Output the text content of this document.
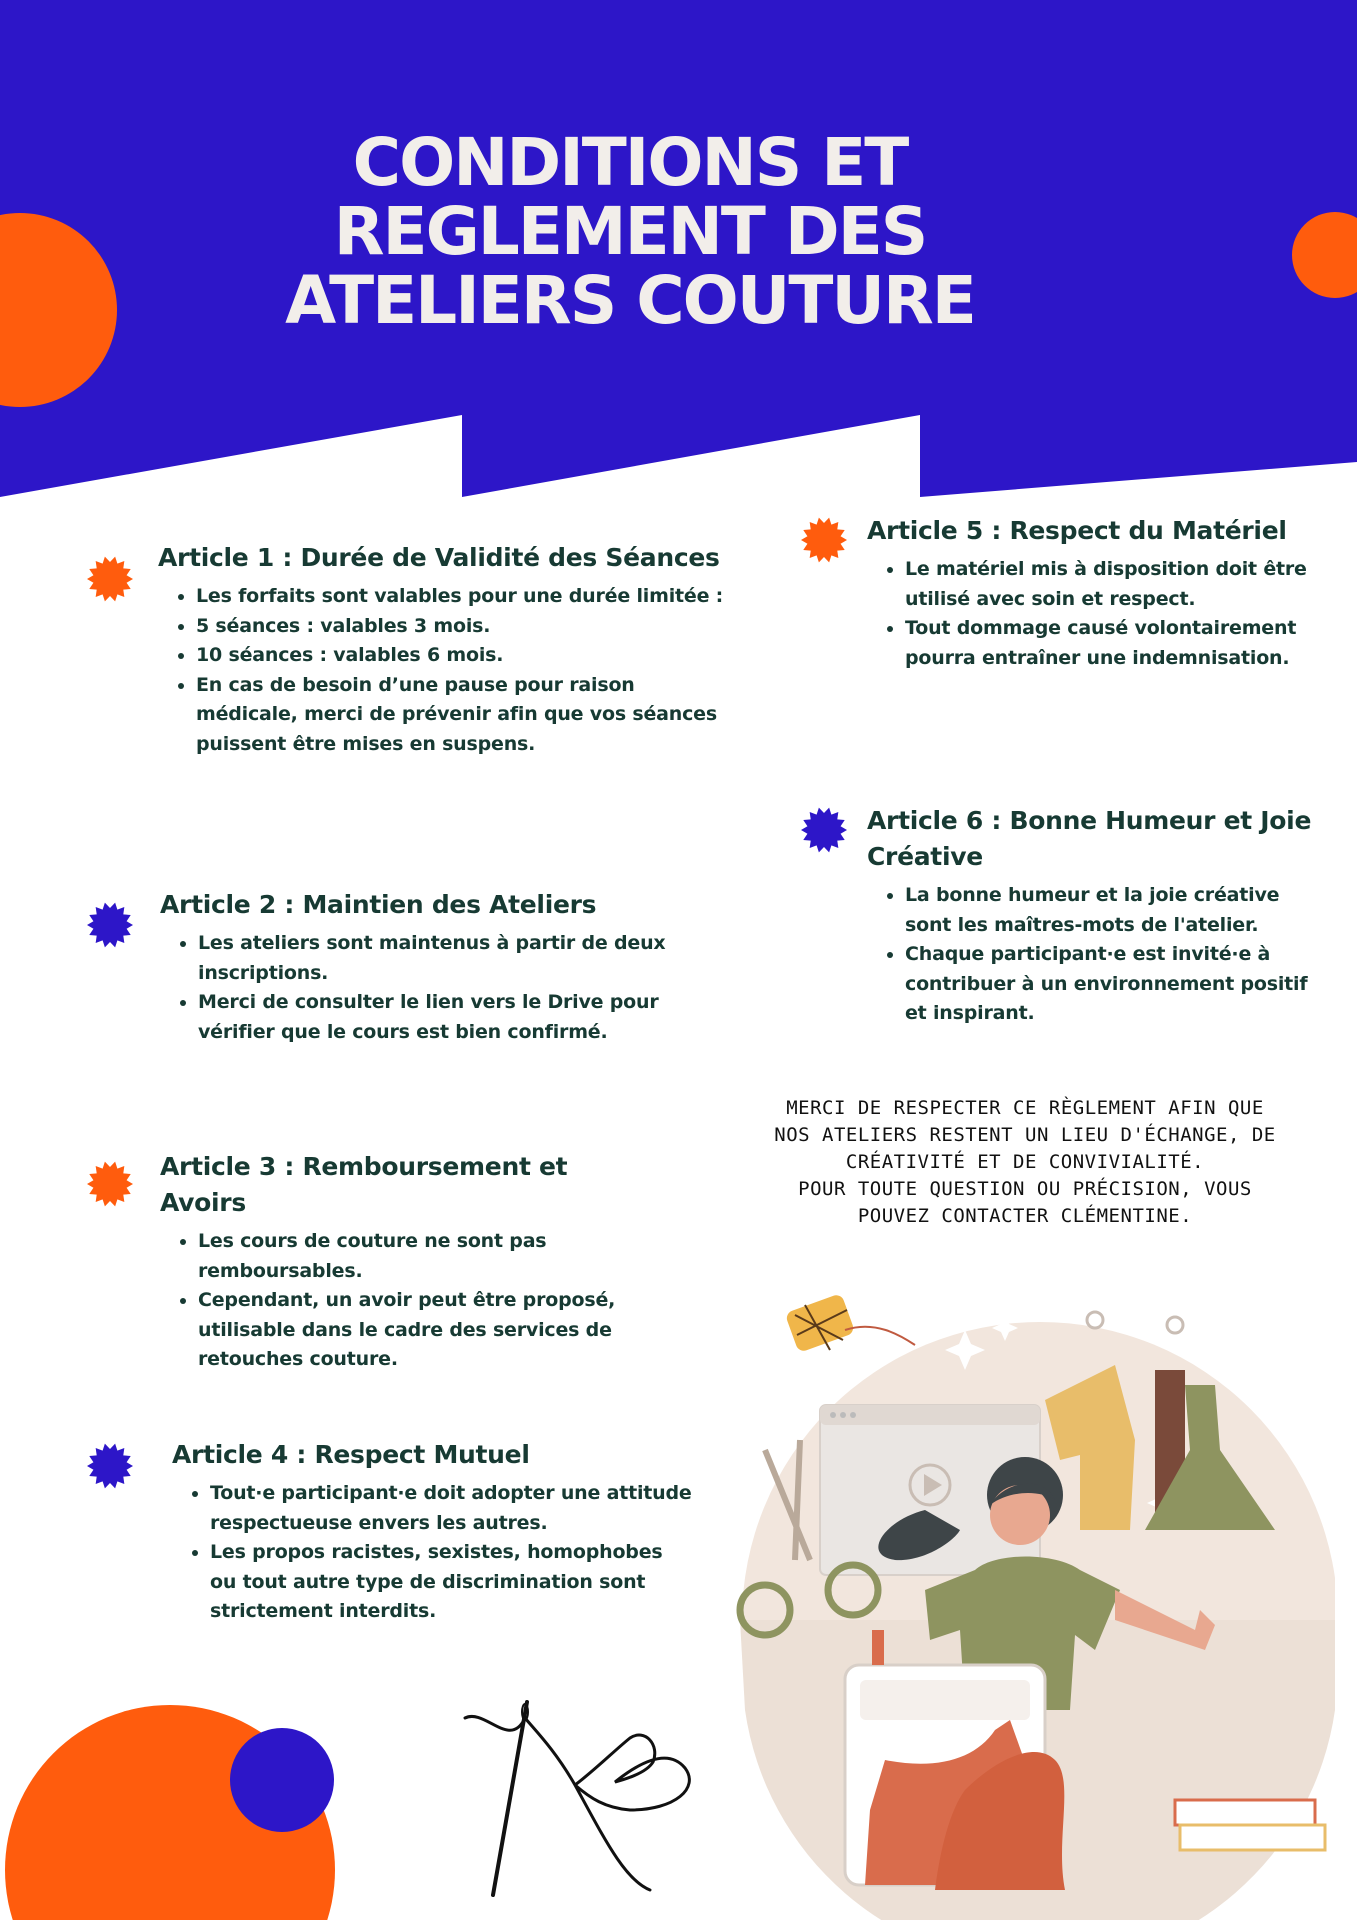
CONDITIONS ET
REGLEMENT DES
ATELIERS COUTURE
Article 1 : Durée de Validité des Séances
• Les forfaits sont valables pour une durée limitée :
• 5 séances : valables 3 mois.
• 10 séances : valables 6 mois.
• En cas de besoin d’une pause pour raison médicale, merci de prévenir afin que vos séances puissent être mises en suspens.
Article 2 : Maintien des Ateliers
• Les ateliers sont maintenus à partir de deux inscriptions.
• Merci de consulter le lien vers le Drive pour vérifier que le cours est bien confirmé.
Article 3 : Remboursement et Avoirs
• Les cours de couture ne sont pas remboursables.
• Cependant, un avoir peut être proposé, utilisable dans le cadre des services de retouches couture.
Article 4 : Respect Mutuel
• Tout·e participant·e doit adopter une attitude respectueuse envers les autres.
• Les propos racistes, sexistes, homophobes ou tout autre type de discrimination sont strictement interdits.
Article 5 : Respect du Matériel
• Le matériel mis à disposition doit être utilisé avec soin et respect.
• Tout dommage causé volontairement pourra entraîner une indemnisation.
Article 6 : Bonne Humeur et Joie Créative
• La bonne humeur et la joie créative sont les maîtres-mots de l'atelier.
• Chaque participant·e est invité·e à contribuer à un environnement positif et inspirant.

MERCI DE RESPECTER CE RÈGLEMENT AFIN QUE NOS ATELIERS RESTENT UN LIEU D'ÉCHANGE, DE CRÉATIVITÉ ET DE CONVIVIALITÉ.

POUR TOUTE QUESTION OU PRÉCISION, VOUS POUVEZ CONTACTER CLÉMENTINE.
